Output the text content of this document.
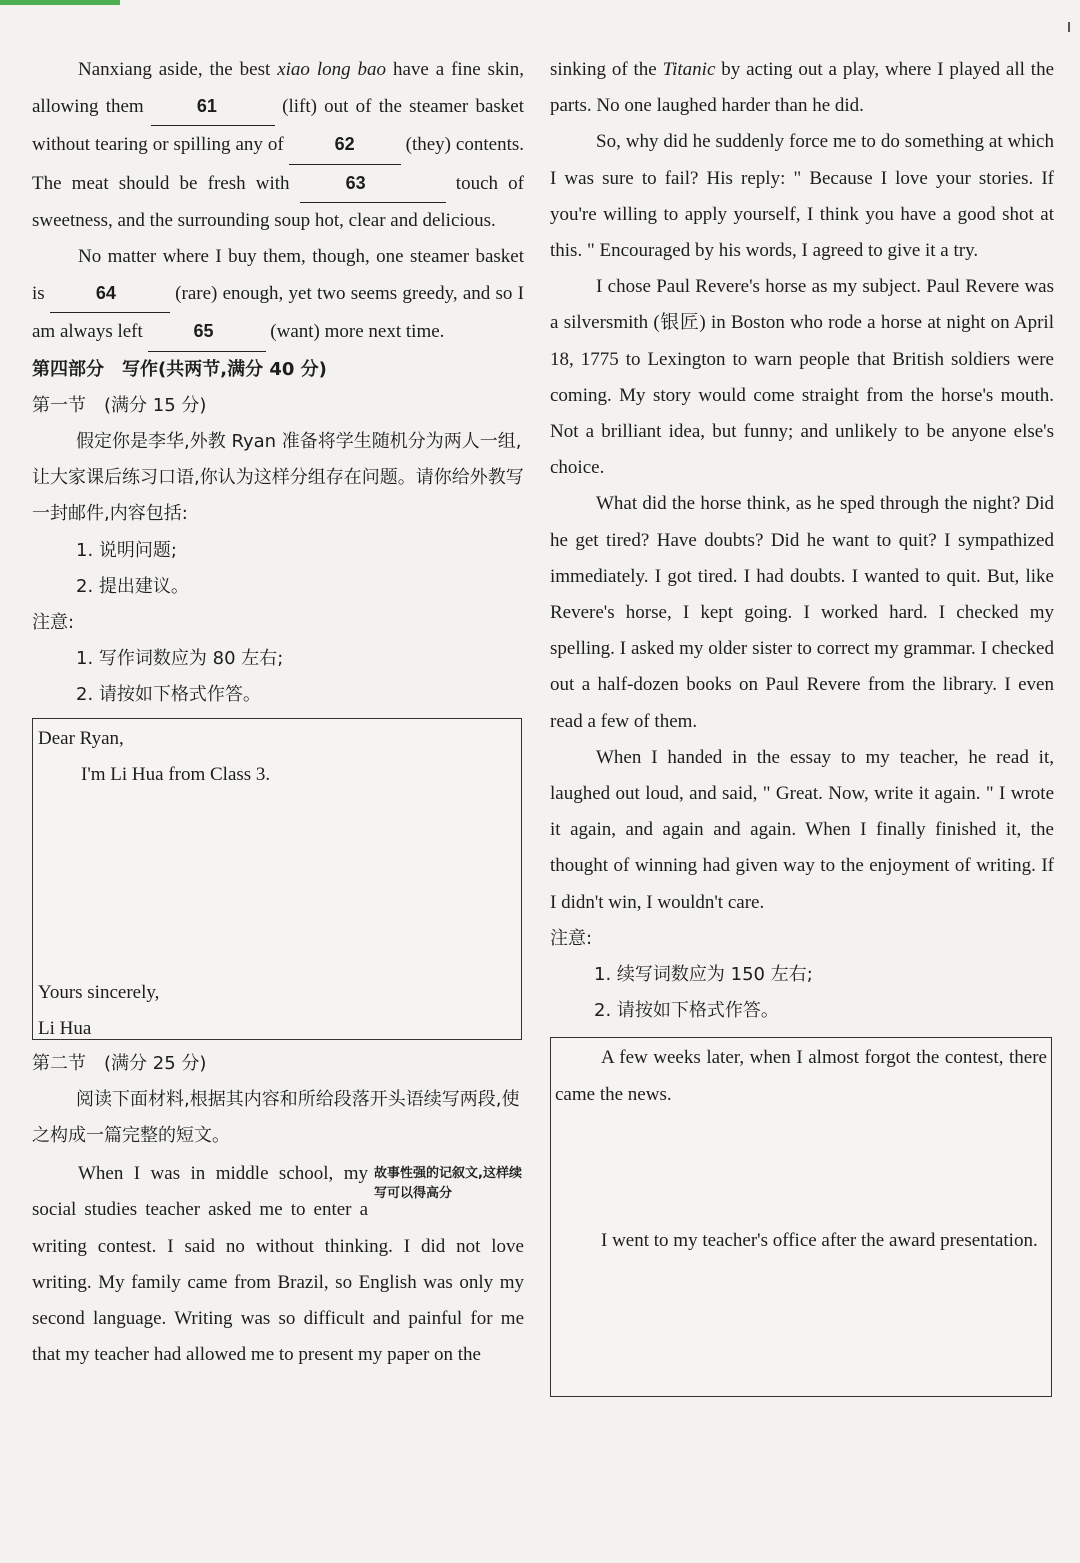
Nanxiang aside, the best xiao long bao have a fine skin, allowing them	61	(lift) out of the steamer basket without tearing or spilling any of	62 (they) contents. The meat should be fresh with	63	touch of sweetness, and the surrounding soup hot, clear and delicious.

No matter where I buy them, though, one steamer basket is	64	(rare) enough, yet two seems greedy, and so I am always left	65	(want) more next time.

第四部分　写作(共两节,满分 40 分)

第一节　(满分 15 分)

假定你是李华,外教 Ryan 准备将学生随机分为两人一组,让大家课后练习口语,你认为这样分组存在问题。请你给外教写一封邮件,内容包括:

1. 说明问题;

2. 提出建议。

注意:

1. 写作词数应为 80 左右;

2. 请按如下格式作答。

Dear Ryan,
I'm Li Hua from Class 3.
Yours sincerely,
Li Hua

第二节　(满分 25 分)

阅读下面材料,根据其内容和所给段落开头语续写两段,使之构成一篇完整的短文。

故事性强的记叙文,这样续写可以得高分
When I was in middle school, my social studies teacher asked me to enter a writing contest. I said no without thinking. I did not love writing. My family came from Brazil, so English was only my second language. Writing was so difficult and painful for me that my teacher had allowed me to present my paper on the

sinking of the Titanic by acting out a play, where I played all the parts. No one laughed harder than he did.

So, why did he suddenly force me to do something at which I was sure to fail? His reply: " Because I love your stories. If you're willing to apply yourself, I think you have a good shot at this. " Encouraged by his words, I agreed to give it a try.

I chose Paul Revere's horse as my subject. Paul Revere was a silversmith (银匠) in Boston who rode a horse at night on April 18, 1775 to Lexington to warn people that British soldiers were coming. My story would come straight from the horse's mouth. Not a brilliant idea, but funny; and unlikely to be anyone else's choice.

What did the horse think, as he sped through the night? Did he get tired? Have doubts? Did he want to quit? I sympathized immediately. I got tired. I had doubts. I wanted to quit. But, like Revere's horse, I kept going. I worked hard. I checked my spelling. I asked my older sister to correct my grammar. I checked out a half-dozen books on Paul Revere from the library. I even read a few of them.

When I handed in the essay to my teacher, he read it, laughed out loud, and said, " Great. Now, write it again. " I wrote it again, and again and again. When I finally finished it, the thought of winning had given way to the enjoyment of writing. If I didn't win, I wouldn't care.

注意:

1. 续写词数应为 150 左右;

2. 请按如下格式作答。

A few weeks later, when I almost forgot the contest, there came the news.

I went to my teacher's office after the award presentation.
